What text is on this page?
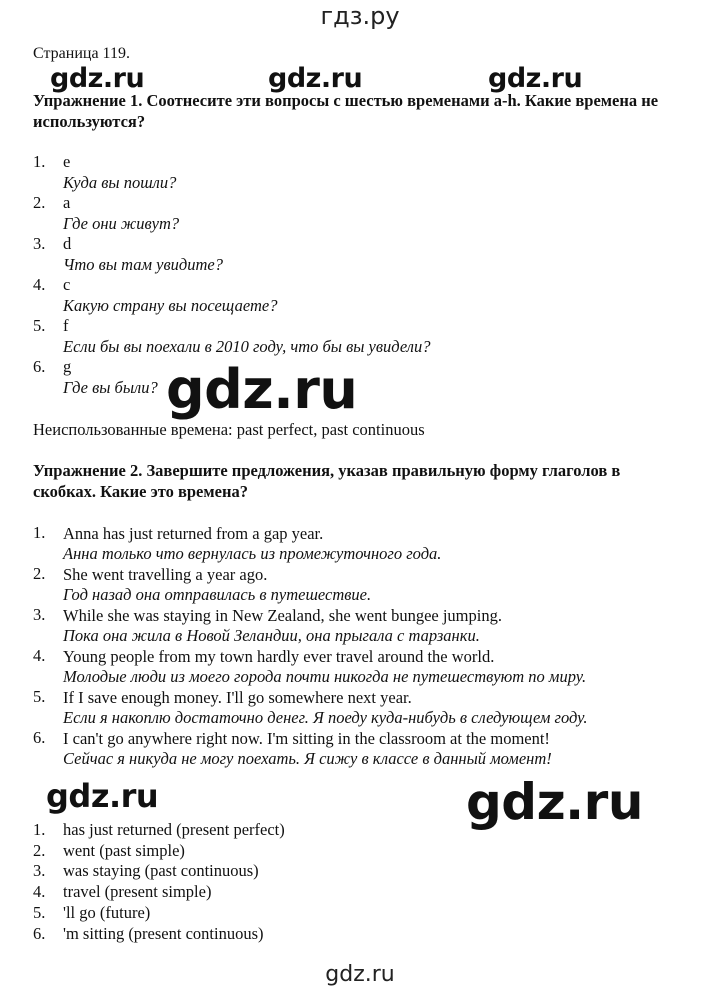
гдз.ру
Страница 119.
gdz.ru	gdz.ru	gdz.ru
Упражнение 1. Соотнесите эти вопросы с шестью временами a-h. Какие времена не используются?
1. e
Куда вы пошли?
2. a
Где они живут?
3. d
Что вы там увидите?
4. c
Какую страну вы посещаете?
5. f
Если бы вы поехали в 2010 году, что бы вы увидели?
6. g
Где вы были? gdz.ru
Неиспользованные времена: past perfect, past continuous
Упражнение 2. Завершите предложения, указав правильную форму глаголов в скобках. Какие это времена?
1. Anna has just returned from a gap year.
Анна только что вернулась из промежуточного года.
2. She went travelling a year ago.
Год назад она отправилась в путешествие.
3. While she was staying in New Zealand, she went bungee jumping.
Пока она жила в Новой Зеландии, она прыгала с тарзанки.
4. Young people from my town hardly ever travel around the world.
Молодые люди из моего города почти никогда не путешествуют по миру.
5. If I save enough money. I'll go somewhere next year.
Если я накоплю достаточно денег. Я поеду куда-нибудь в следующем году.
6. I can't go anywhere right now. I'm sitting in the classroom at the moment!
Сейчас я никуда не могу поехать. Я сижу в классе в данный момент!
gdz.ru	gdz.ru
1. has just returned (present perfect)
2. went (past simple)
3. was staying (past continuous)
4. travel (present simple)
5. 'll go (future)
6. 'm sitting (present continuous)
gdz.ru
